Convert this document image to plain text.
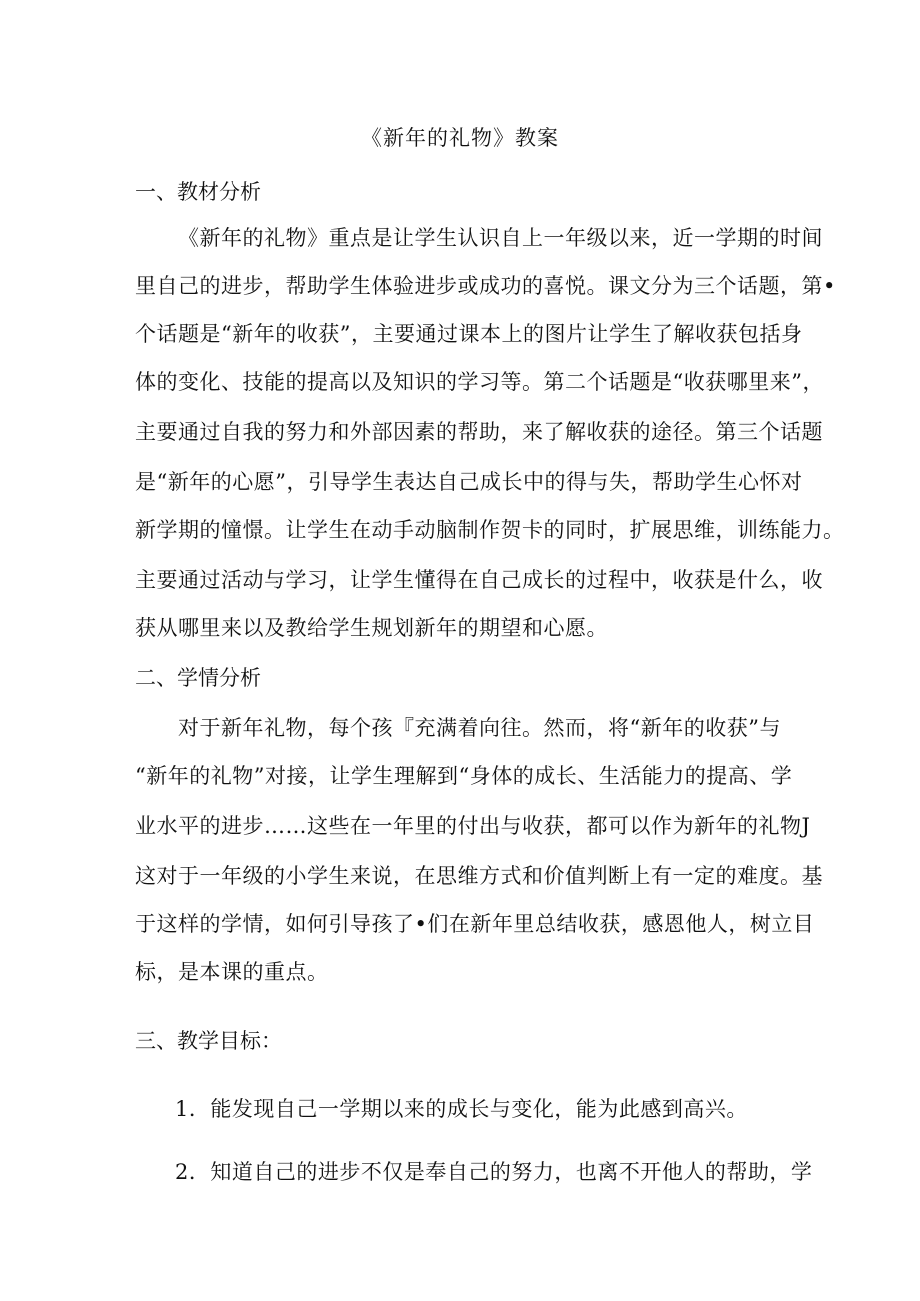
《新年的礼物》教案
一、教材分析
《新年的礼物》重点是让学生认识自上一年级以来，近一学期的时间
里自己的进步，帮助学生体验进步或成功的喜悦。课文分为三个话题，第•
个话题是“新年的收获”，主要通过课本上的图片让学生了解收获包括身
体的变化、技能的提高以及知识的学习等。第二个话题是“收获哪里来”，
主要通过自我的努力和外部因素的帮助，来了解收获的途径。第三个话题
是“新年的心愿”，引导学生表达自己成长中的得与失，帮助学生心怀对
新学期的憧憬。让学生在动手动脑制作贺卡的同时，扩展思维，训练能力。
主要通过活动与学习，让学生懂得在自己成长的过程中，收获是什么，收
获从哪里来以及教给学生规划新年的期望和心愿。
二、学情分析
对于新年礼物，每个孩『充满着向往。然而，将“新年的收获”与
“新年的礼物”对接，让学生理解到“身体的成长、生活能力的提高、学
业水平的进步……这些在一年里的付出与收获，都可以作为新年的礼物J
这对于一年级的小学生来说，在思维方式和价值判断上有一定的难度。基
于这样的学情，如何引导孩了•们在新年里总结收获，感恩他人，树立目
标，是本课的重点。
三、教学目标：
1．能发现自己一学期以来的成长与变化，能为此感到高兴。
2．知道自己的进步不仅是奉自己的努力，也离不开他人的帮助，学
